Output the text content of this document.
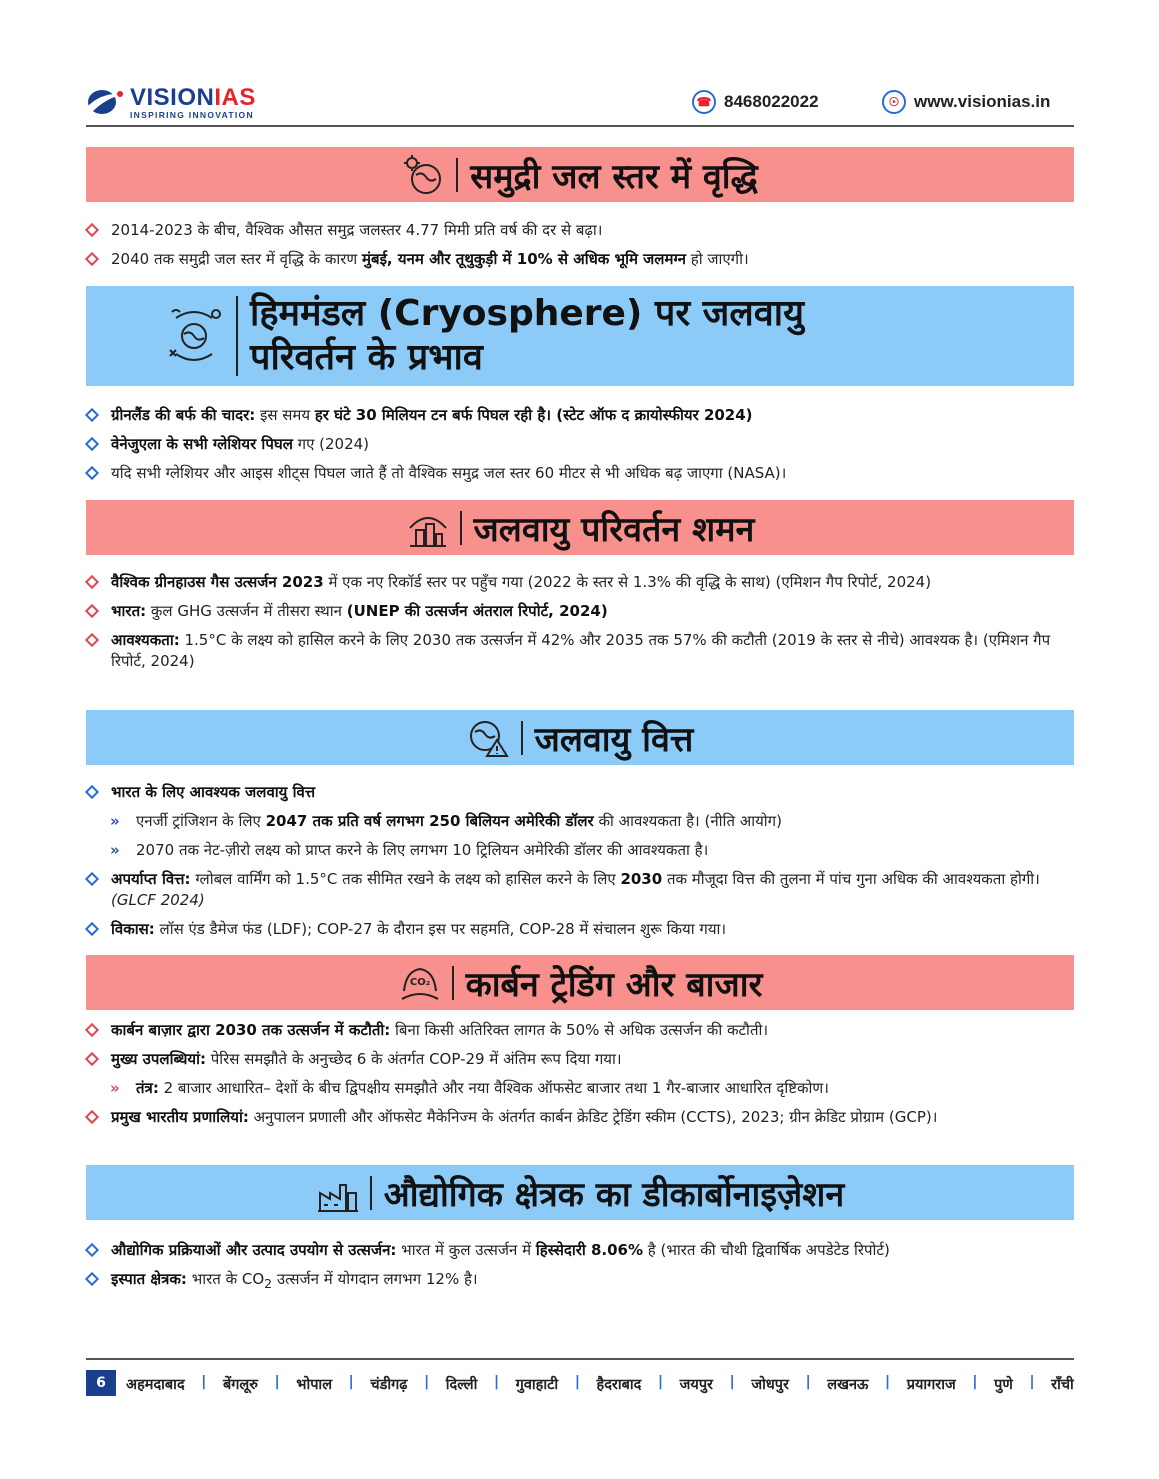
VISIONIAS
INSPIRING INNOVATION
☎ 8468022022	☉ www.visionias.in
समुद्री जल स्तर में वृद्धि
2014-2023 के बीच, वैश्विक औसत समुद्र जलस्तर 4.77 मिमी प्रति वर्ष की दर से बढ़ा।
2040 तक समुद्री जल स्तर में वृद्धि के कारण मुंबई, यनम और तूथुकुड़ी में 10% से अधिक भूमि जलमग्न हो जाएगी।
हिममंडल (Cryosphere) पर जलवायु
परिवर्तन के प्रभाव
ग्रीनलैंड की बर्फ की चादर: इस समय हर घंटे 30 मिलियन टन बर्फ पिघल रही है। (स्टेट ऑफ द क्रायोस्फीयर 2024)
वेनेजुएला के सभी ग्लेशियर पिघल गए (2024)
यदि सभी ग्लेशियर और आइस शीट्स पिघल जाते हैं तो वैश्विक समुद्र जल स्तर 60 मीटर से भी अधिक बढ़ जाएगा (NASA)।
जलवायु परिवर्तन शमन
वैश्विक ग्रीनहाउस गैस उत्सर्जन 2023 में एक नए रिकॉर्ड स्तर पर पहुँच गया (2022 के स्तर से 1.3% की वृद्धि के साथ) (एमिशन गैप रिपोर्ट, 2024)
भारत: कुल GHG उत्सर्जन में तीसरा स्थान (UNEP की उत्सर्जन अंतराल रिपोर्ट, 2024)
आवश्यकता: 1.5°C के लक्ष्य को हासिल करने के लिए 2030 तक उत्सर्जन में 42% और 2035 तक 57% की कटौती (2019 के स्तर से नीचे) आवश्यक है। (एमिशन गैप रिपोर्ट, 2024)
जलवायु वित्त
भारत के लिए आवश्यक जलवायु वित्त
» एनर्जी ट्रांजिशन के लिए 2047 तक प्रति वर्ष लगभग 250 बिलियन अमेरिकी डॉलर की आवश्यकता है। (नीति आयोग)
» 2070 तक नेट-ज़ीरो लक्ष्य को प्राप्त करने के लिए लगभग 10 ट्रिलियन अमेरिकी डॉलर की आवश्यकता है।
अपर्याप्त वित्त: ग्लोबल वार्मिंग को 1.5°C तक सीमित रखने के लक्ष्य को हासिल करने के लिए 2030 तक मौजूदा वित्त की तुलना में पांच गुना अधिक की आवश्यकता होगी। (GLCF 2024)
विकास: लॉस एंड डैमेज फंड (LDF); COP-27 के दौरान इस पर सहमति, COP-28 में संचालन शुरू किया गया।
CO₂ कार्बन ट्रेडिंग और बाजार
कार्बन बाज़ार द्वारा 2030 तक उत्सर्जन में कटौती: बिना किसी अतिरिक्त लागत के 50% से अधिक उत्सर्जन की कटौती।
मुख्य उपलब्धियां: पेरिस समझौते के अनुच्छेद 6 के अंतर्गत COP-29 में अंतिम रूप दिया गया।
» तंत्र: 2 बाजार आधारित– देशों के बीच द्विपक्षीय समझौते और नया वैश्विक ऑफसेट बाजार तथा 1 गैर-बाजार आधारित दृष्टिकोण।
प्रमुख भारतीय प्रणालियां: अनुपालन प्रणाली और ऑफसेट मैकेनिज्म के अंतर्गत कार्बन क्रेडिट ट्रेडिंग स्कीम (CCTS), 2023; ग्रीन क्रेडिट प्रोग्राम (GCP)।
औद्योगिक क्षेत्रक का डीकार्बोनाइज़ेशन
औद्योगिक प्रक्रियाओं और उत्पाद उपयोग से उत्सर्जन: भारत में कुल उत्सर्जन में हिस्सेदारी 8.06% है (भारत की चौथी द्विवार्षिक अपडेटेड रिपोर्ट)
इस्पात क्षेत्रक: भारत के $CO_2$ उत्सर्जन में योगदान लगभग 12% है।
6	अहमदाबाद | बेंगलूरु | भोपाल | चंडीगढ़ | दिल्ली | गुवाहाटी | हैदराबाद | जयपुर | जोधपुर | लखनऊ | प्रयागराज | पुणे | राँची
